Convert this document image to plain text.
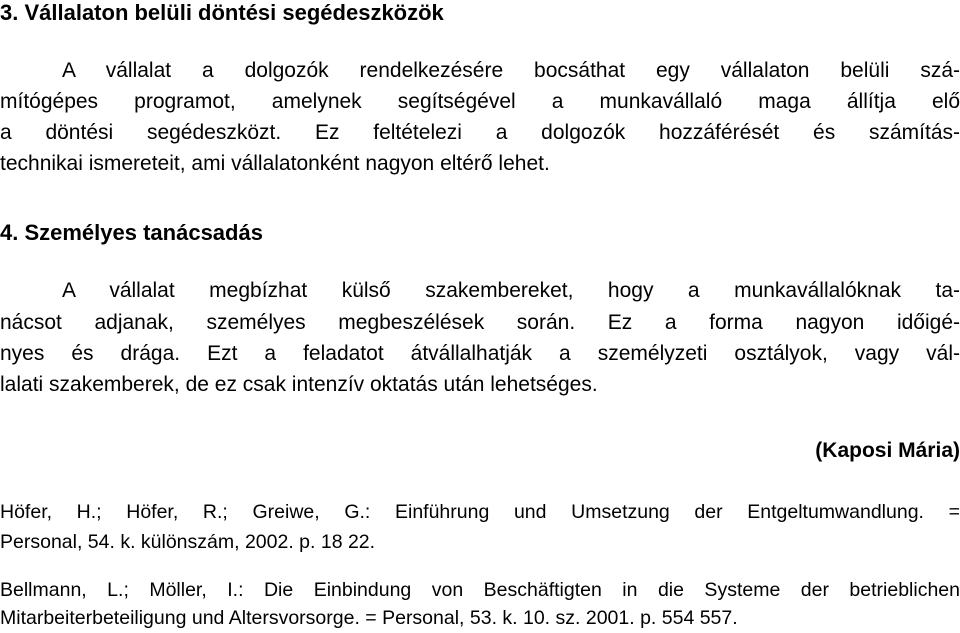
3. Vállalaton belüli döntési segédeszközök
A vállalat a dolgozók rendelkezésére bocsáthat egy vállalaton belüli szá-
mítógépes programot, amelynek segítségével a munkavállaló maga állítja elő
a döntési segédeszközt. Ez feltételezi a dolgozók hozzáférését és számítás-
technikai ismereteit, ami vállalatonként nagyon eltérő lehet.
4. Személyes tanácsadás
A vállalat megbízhat külső szakembereket, hogy a munkavállalóknak ta-
nácsot adjanak, személyes megbeszélések során. Ez a forma nagyon időigé-
nyes és drága. Ezt a feladatot átvállalhatják a személyzeti osztályok, vagy vál-
lalati szakemberek, de ez csak intenzív oktatás után lehetséges.
(Kaposi Mária)
Höfer, H.; Höfer, R.; Greiwe, G.: Einführung und Umsetzung der Entgeltumwandlung. =
Personal, 54. k. különszám, 2002. p. 18 22.
Bellmann, L.; Möller, I.: Die Einbindung von Beschäftigten in die Systeme der betrieblichen
Mitarbeiterbeteiligung und Altersvorsorge. = Personal, 53. k. 10. sz. 2001. p. 554 557.
